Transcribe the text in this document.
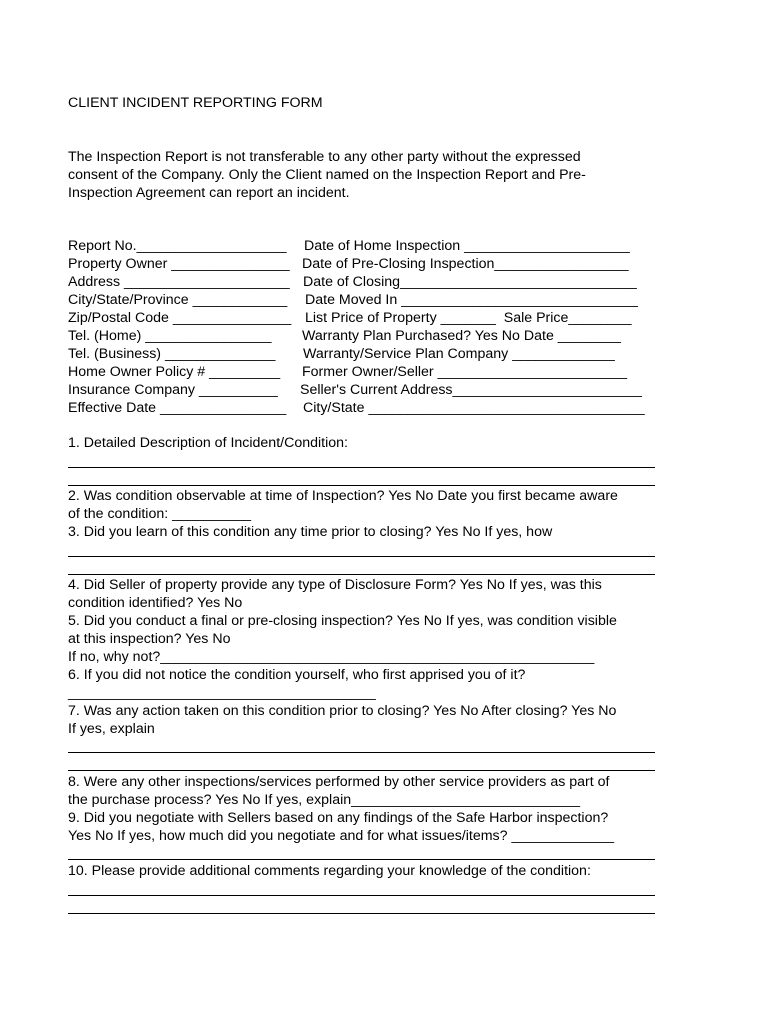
CLIENT INCIDENT REPORTING FORM
The Inspection Report is not transferable to any other party without the expressed
consent of the Company. Only the Client named on the Inspection Report and Pre-
Inspection Agreement can report an incident.
Report No.___________________
Property Owner _______________
Address _____________________
City/State/Province ____________
Zip/Postal Code _______________
Tel. (Home) ________________
Tel. (Business) ______________
Home Owner Policy # _________
Insurance Company __________
Effective Date ________________
Date of Home Inspection _____________________
Date of Pre-Closing Inspection_________________
Date of Closing______________________________
Date Moved In ______________________________
List Price of Property _______  Sale Price________
Warranty Plan Purchased? Yes No Date ________
Warranty/Service Plan Company _____________
Former Owner/Seller ________________________
Seller's Current Address________________________
City/State ___________________________________
1. Detailed Description of Incident/Condition:
2. Was condition observable at time of Inspection? Yes No Date you first became aware
of the condition: __________
3. Did you learn of this condition any time prior to closing? Yes No If yes, how
4. Did Seller of property provide any type of Disclosure Form? Yes No If yes, was this
condition identified? Yes No
5. Did you conduct a final or pre-closing inspection? Yes No If yes, was condition visible
at this inspection? Yes No
If no, why not?_______________________________________________________
6. If you did not notice the condition yourself, who first apprised you of it?
_______________________________________
7. Was any action taken on this condition prior to closing? Yes No After closing? Yes No
If yes, explain
8. Were any other inspections/services performed by other service providers as part of
the purchase process? Yes No If yes, explain_____________________________
9. Did you negotiate with Sellers based on any findings of the Safe Harbor inspection?
Yes No If yes, how much did you negotiate and for what issues/items? _____________
10. Please provide additional comments regarding your knowledge of the condition:
